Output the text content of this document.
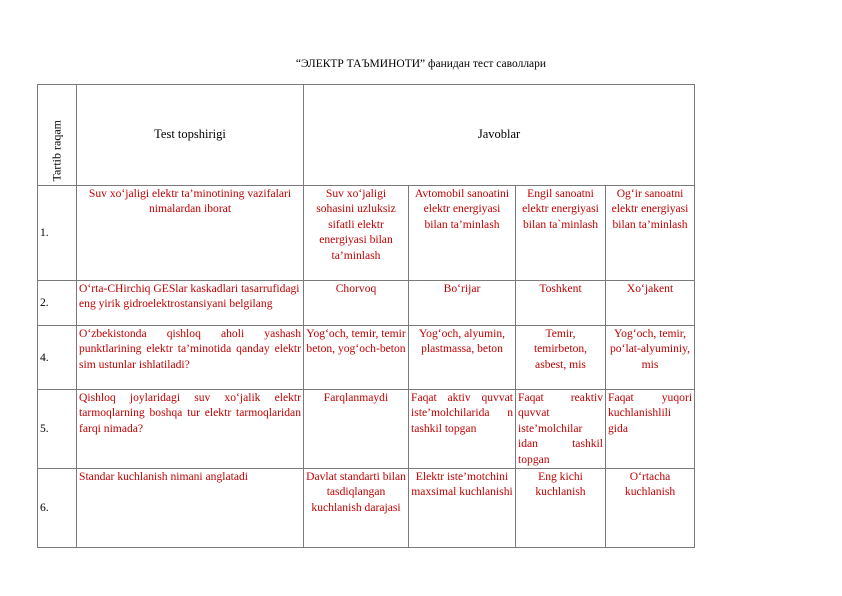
“ЭЛЕКТР ТАЪМИНОТИ” фанидан тест саволлари
Tartib raqam	Test topshirigi	Javoblar			
1.	Suv xo‘jaligi elektr ta’minotining vazifalari nimalardan iborat	Suv xo‘jaligi sohasini uzluksiz sifatli elektr energiyasi bilan ta’minlash	Avtomobil sanoatini elektr energiyasi bilan ta’minlash	Engil sanoatni elektr energiyasi bilan ta`minlash	Og‘ir sanoatni elektr energiyasi bilan ta’minlash
2.	O‘rta-CHirchiq GESlar kaskadlari tasarrufidagi eng yirik gidroelektrostansiyani belgilang	Chorvoq	Bo‘rijar	Toshkent	Xo‘jakent
4.	O‘zbekistonda qishloq aholi yashash punktlarining elektr ta’minotida qanday elektr sim ustunlar ishlatiladi?	Yog‘och, temir, temir beton, yog‘och-beton	Yog‘och, alyumin, plastmassa, beton	Temir, temirbeton, asbest, mis	Yog‘och, temir, po‘lat-alyuminiy, mis
5.	Qishloq joylaridagi suv xo‘jalik elektr tarmoqlarning boshqa tur elektr tarmoqlaridan farqi nimada?	Farqlanmaydi	Faqat aktiv quvvat iste’molchilarida n tashkil topgan	Faqat reaktiv quvvat iste’molchilar idan tashkil topgan	Faqat yuqori kuchlanishlili gida
6.	Standar kuchlanish nimani anglatadi	Davlat standarti bilan tasdiqlangan kuchlanish darajasi	Elektr iste’motchini maxsimal kuchlanishi	Eng kichi kuchlanish	O‘rtacha kuchlanish
